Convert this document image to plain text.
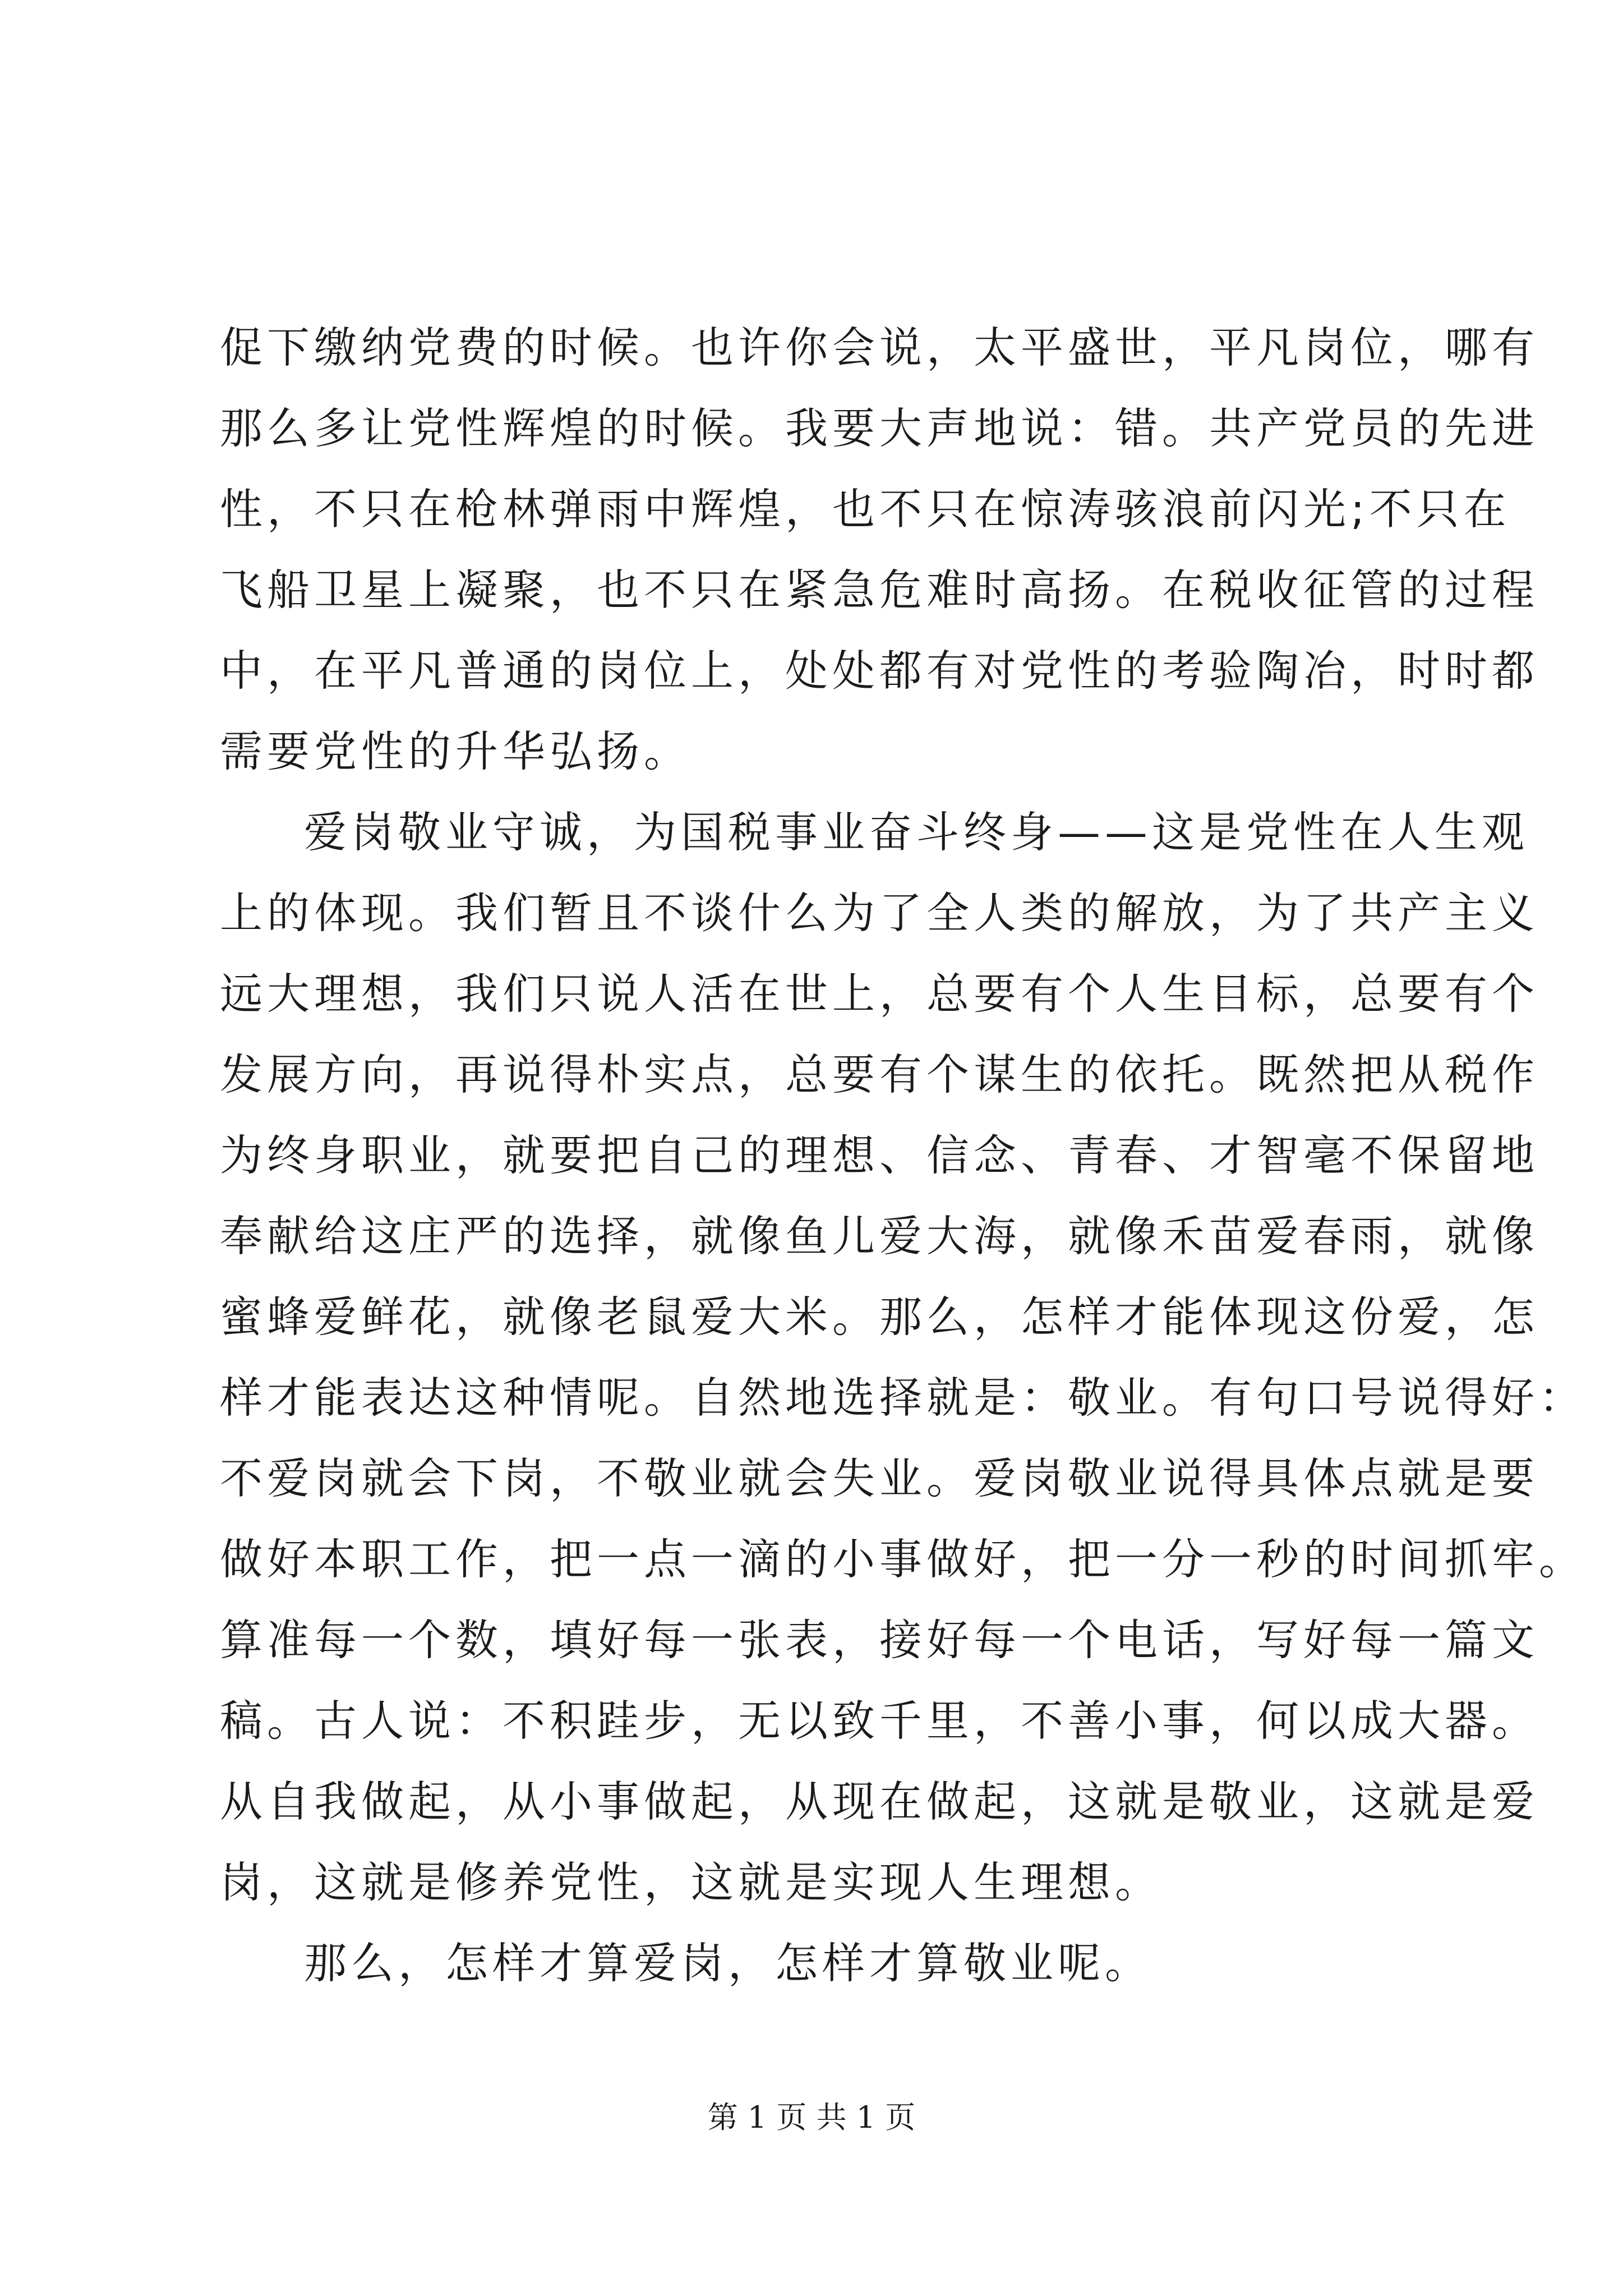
促下缴纳党费的时候。也许你会说，太平盛世，平凡岗位，哪有
那么多让党性辉煌的时候。我要大声地说：错。共产党员的先进
性，不只在枪林弹雨中辉煌，也不只在惊涛骇浪前闪光;不只在
飞船卫星上凝聚，也不只在紧急危难时高扬。在税收征管的过程
中，在平凡普通的岗位上，处处都有对党性的考验陶冶，时时都
需要党性的升华弘扬。
爱岗敬业守诚，为国税事业奋斗终身——这是党性在人生观
上的体现。我们暂且不谈什么为了全人类的解放，为了共产主义
远大理想，我们只说人活在世上，总要有个人生目标，总要有个
发展方向，再说得朴实点，总要有个谋生的依托。既然把从税作
为终身职业，就要把自己的理想、信念、青春、才智毫不保留地
奉献给这庄严的选择，就像鱼儿爱大海，就像禾苗爱春雨，就像
蜜蜂爱鲜花，就像老鼠爱大米。那么，怎样才能体现这份爱，怎
样才能表达这种情呢。自然地选择就是：敬业。有句口号说得好：
不爱岗就会下岗，不敬业就会失业。爱岗敬业说得具体点就是要
做好本职工作，把一点一滴的小事做好，把一分一秒的时间抓牢。
算准每一个数，填好每一张表，接好每一个电话，写好每一篇文
稿。古人说：不积跬步，无以致千里，不善小事，何以成大器。
从自我做起，从小事做起，从现在做起，这就是敬业，这就是爱
岗，这就是修养党性，这就是实现人生理想。
那么，怎样才算爱岗，怎样才算敬业呢。
第 1 页 共 1 页
